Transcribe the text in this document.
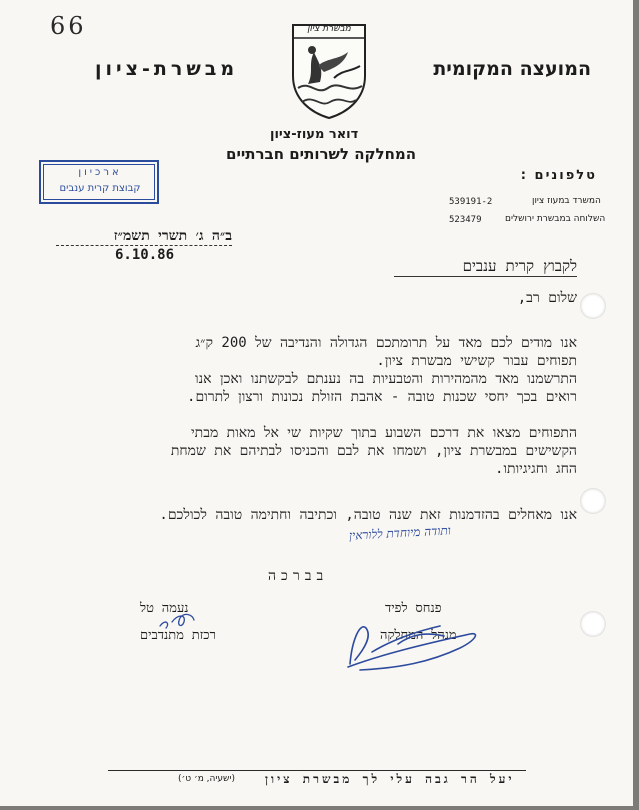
66
המועצה המקומית
מבשרת-ציון
מבשרת ציון
דואר מעוז-ציון
המחלקה לשרותים חברתיים
ארכיון
קבוצת קרית ענבים
טלפונים :
539191-2	המשרד במעוז ציון
523479	השלוחה במבשרת ירושלים
ב״ה ג׳ תשרי תשמ״ז
6.10.86
לקבוץ קרית ענבים
שלום רב,
אנו מודים לכם מאד על תרומתכם הגדולה והנדיבה של 200 ק״ג
תפוחים עבור קשישי מבשרת ציון.
התרשמנו מאד מהמהירות והטבעיות בה נענתם לבקשתנו ואכן אנו
רואים בכך יחסי שכנות טובה - אהבת הזולת נכונות ורצון לתרום.
התפוחים מצאו את דרכם השבוע בתוך שקיות שי אל מאות מבתי
הקשישים במבשרת ציון, ושמחו את לבם והכניסו לבתיהם את שמחת
החג וחגיגיותו.
אנו מאחלים בהזדמנות זאת שנה טובה, וכתיבה וחתימה טובה לכולכם.
ותודה מיוחדת ללוראין
בברכה
פנחס לפיד
מנהל המחלקה
נעמה טל
רכזת מתנדבים
יעל הר גבה עלי לך מבשרת ציון
(ישעיה, מ׳ ט׳)
